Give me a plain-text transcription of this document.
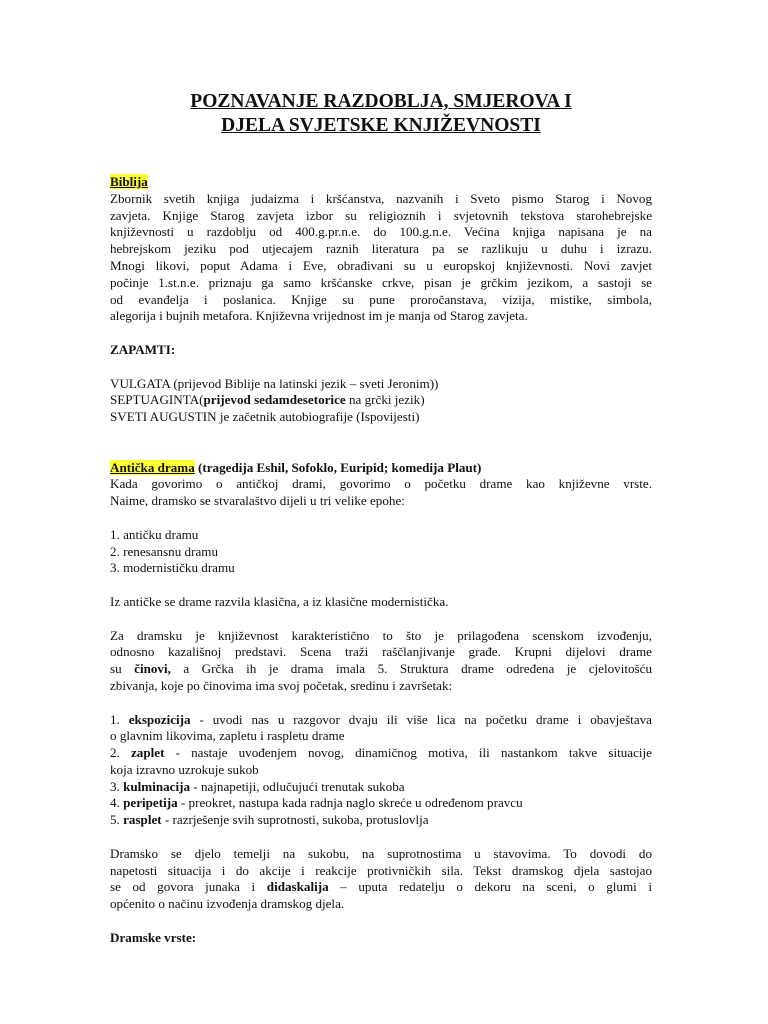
POZNAVANJE RAZDOBLJA, SMJEROVA I
DJELA SVJETSKE KNJIŽEVNOSTI
Biblija
Zbornik svetih knjiga judaizma i kršćanstva, nazvanih i Sveto pismo Starog i Novog
zavjeta. Knjige Starog zavjeta izbor su religioznih i svjetovnih tekstova starohebrejske
književnosti u razdoblju od 400.g.pr.n.e. do 100.g.n.e. Većina knjiga napisana je na
hebrejskom jeziku pod utjecajem raznih literatura pa se razlikuju u duhu i izrazu.
Mnogi likovi, poput Adama i Eve, obrađivani su u europskoj književnosti. Novi zavjet
počinje 1.st.n.e. priznaju ga samo kršćanske crkve, pisan je grčkim jezikom, a sastoji se
od evanđelja i poslanica. Knjige su pune proročanstava, vizija, mistike, simbola,
alegorija i bujnih metafora. Književna vrijednost im je manja od Starog zavjeta.
ZAPAMTI:
VULGATA (prijevod Biblije na latinski jezik – sveti Jeronim))
SEPTUAGINTA(prijevod sedamdesetorice na grčki jezik)
SVETI AUGUSTIN je začetnik autobiografije (Ispovijesti)
Antička drama (tragedija Eshil, Sofoklo, Euripid; komedija Plaut)
Kada govorimo o antičkoj drami, govorimo o početku drame kao književne vrste.
Naime, dramsko se stvaralaštvo dijeli u tri velike epohe:
1. antičku dramu
2. renesansnu dramu
3. modernističku dramu
Iz antičke se drame razvila klasična, a iz klasične modernistička.
Za dramsku je književnost karakteristično to što je prilagođena scenskom izvođenju,
odnosno kazališnoj predstavi. Scena traži raščlanjivanje građe. Krupni dijelovi drame
su činovi, a Grčka ih je drama imala 5. Struktura drame određena je cjelovitošću
zbivanja, koje po činovima ima svoj početak, sredinu i završetak:
1. ekspozicija - uvodi nas u razgovor dvaju ili više lica na početku drame i obavještava
o glavnim likovima, zapletu i raspletu drame
2. zaplet - nastaje uvođenjem novog, dinamičnog motiva, ili nastankom takve situacije
koja izravno uzrokuje sukob
3. kulminacija - najnapetiji, odlučujući trenutak sukoba
4. peripetija - preokret, nastupa kada radnja naglo skreće u određenom pravcu
5. rasplet - razrješenje svih suprotnosti, sukoba, protuslovlja
Dramsko se djelo temelji na sukobu, na suprotnostima u stavovima. To dovodi do
napetosti situacija i do akcije i reakcije protivničkih sila. Tekst dramskog djela sastojao
se od govora junaka i didaskalija – uputa redatelju o dekoru na sceni, o glumi i
općenito o načinu izvođenja dramskog djela.
Dramske vrste:
